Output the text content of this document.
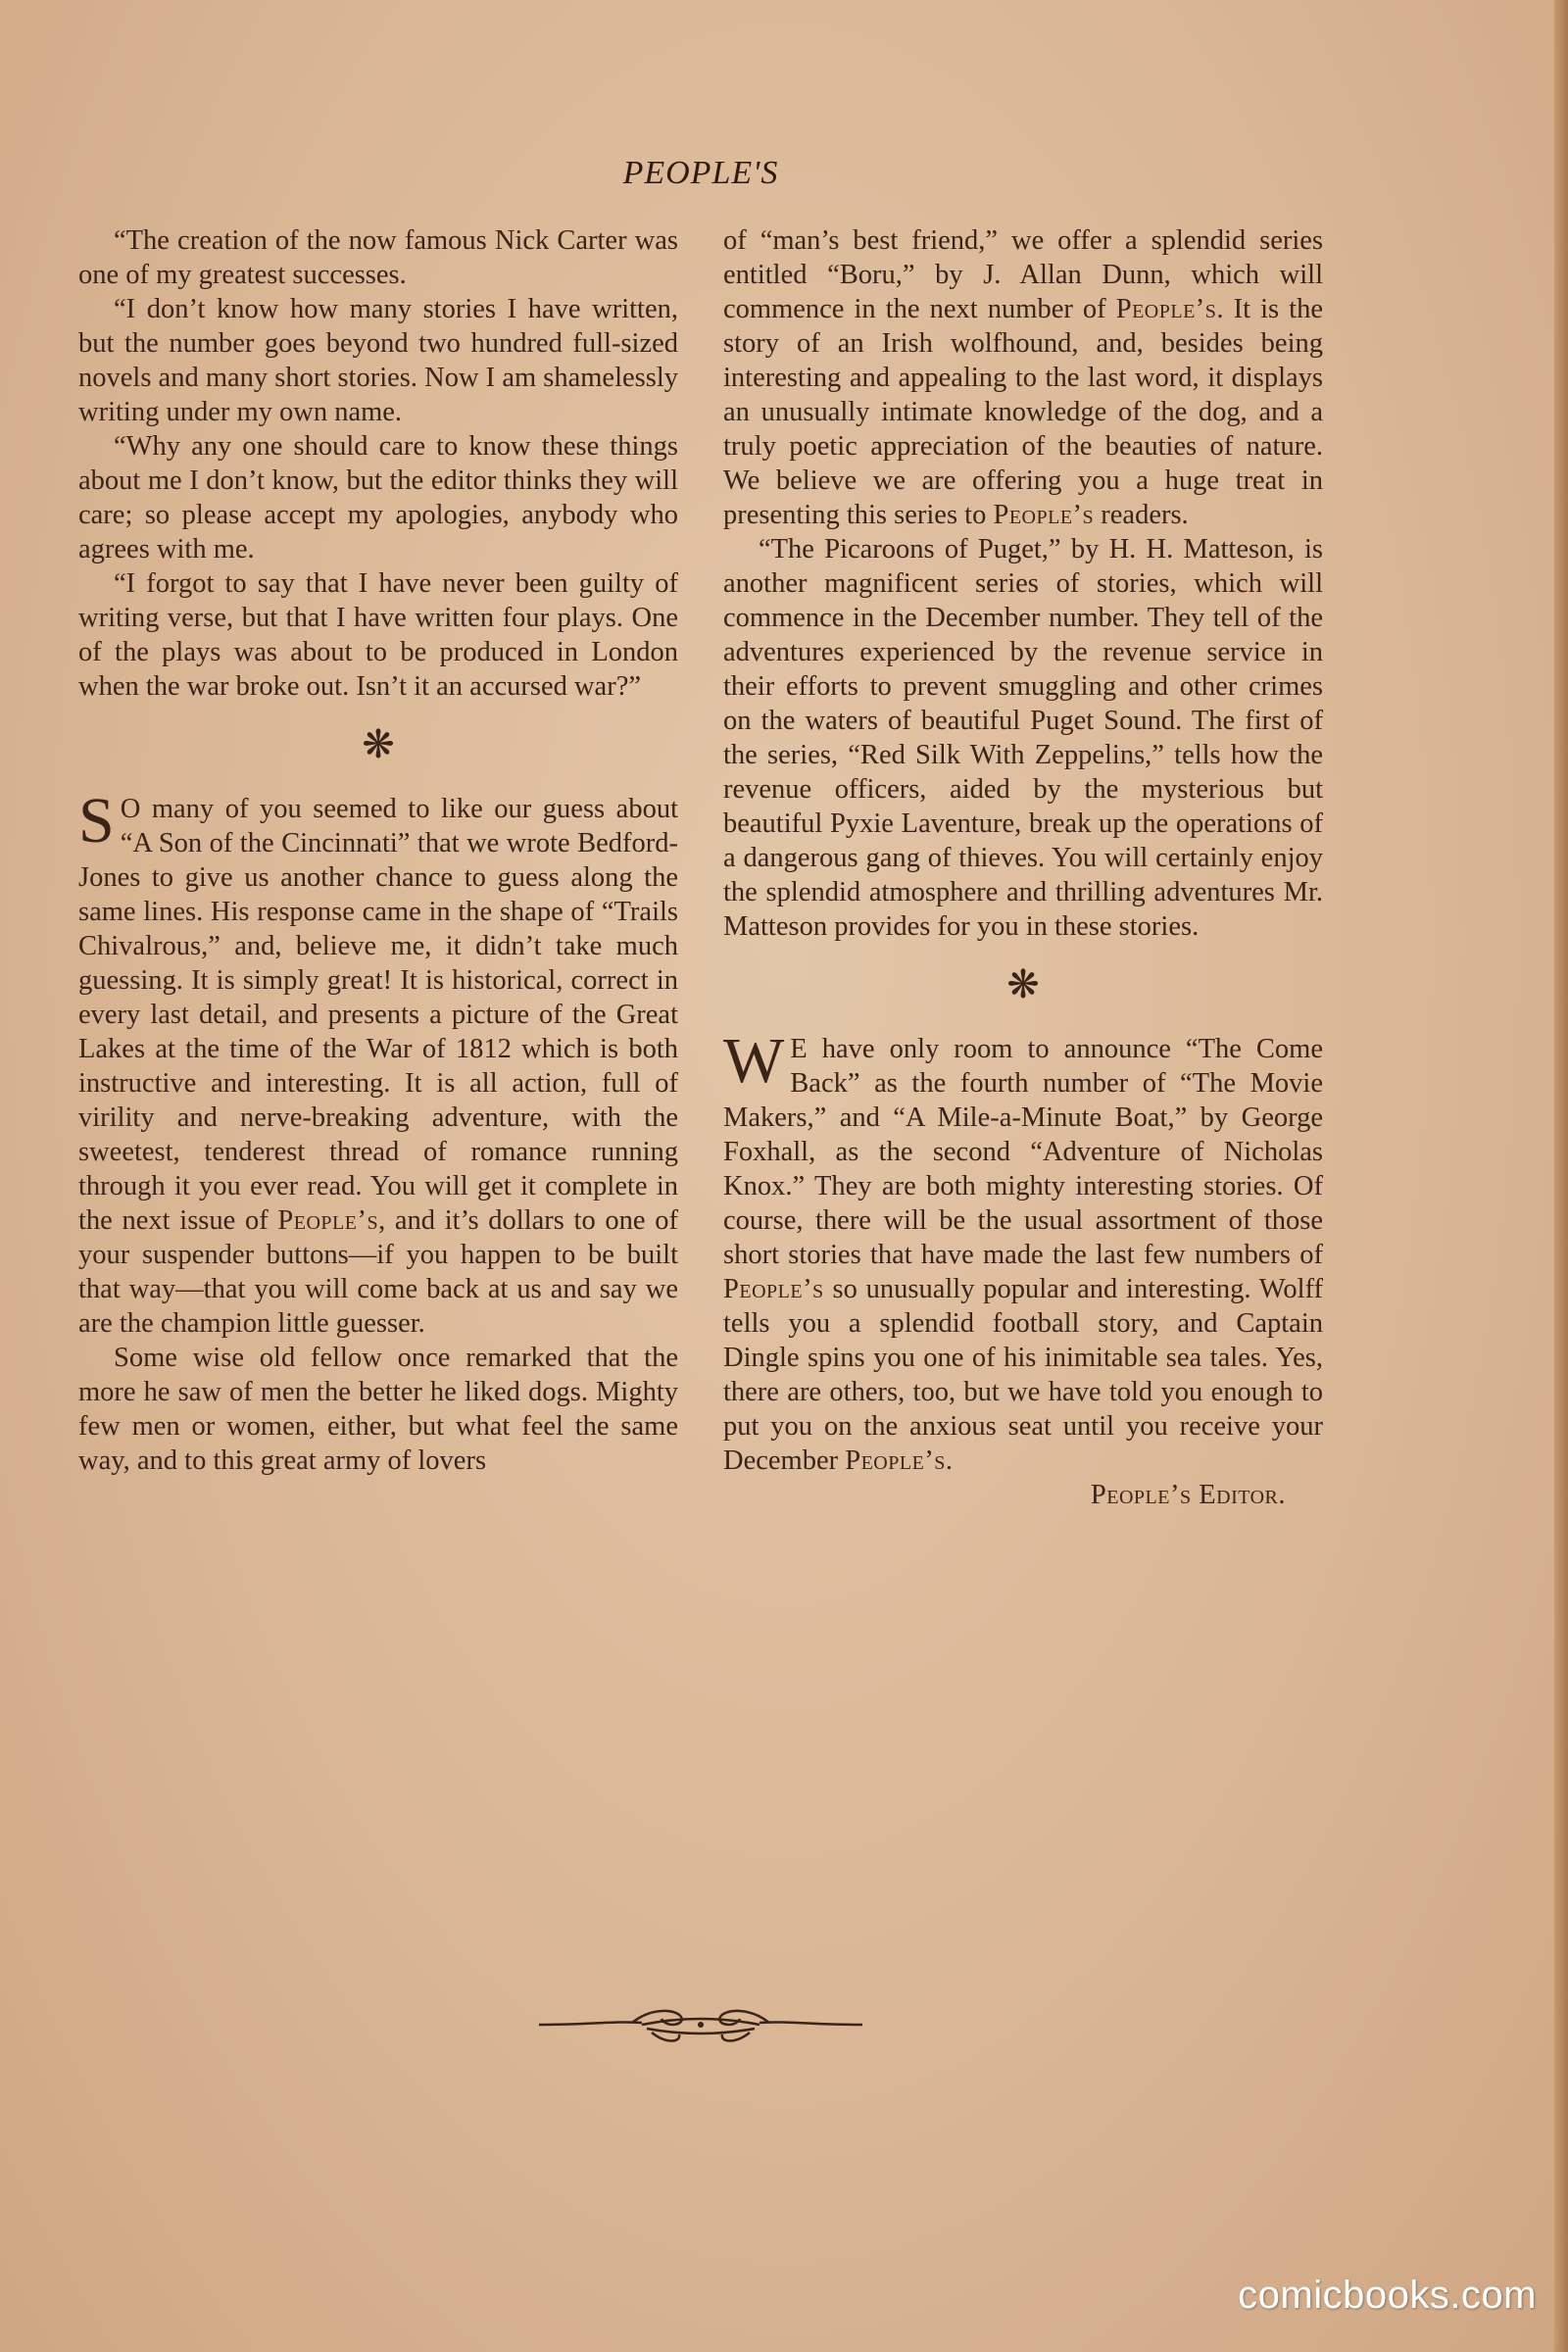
PEOPLE'S

“The creation of the now famous Nick Carter was one of my greatest successes.

“I don’t know how many stories I have written, but the number goes beyond two hundred full-sized novels and many short stories. Now I am shamelessly writing under my own name.

“Why any one should care to know these things about me I don’t know, but the editor thinks they will care; so please accept my apologies, anybody who agrees with me.

“I forgot to say that I have never been guilty of writing verse, but that I have written four plays. One of the plays was about to be produced in London when the war broke out. Isn’t it an accursed war?”

❋

S O many of you seemed to like our guess about “A Son of the Cincinnati” that we wrote Bedford-Jones to give us another chance to guess along the same lines. His response came in the shape of “Trails Chivalrous,” and, believe me, it didn’t take much guessing. It is simply great! It is historical, correct in every last detail, and presents a picture of the Great Lakes at the time of the War of 1812 which is both instructive and interesting. It is all action, full of virility and nerve-breaking adventure, with the sweetest, tenderest thread of romance running through it you ever read. You will get it complete in the next issue of People’s, and it’s dollars to one of your suspender buttons—if you happen to be built that way—that you will come back at us and say we are the champion little guesser.

Some wise old fellow once remarked that the more he saw of men the better he liked dogs. Mighty few men or women, either, but what feel the same way, and to this great army of lovers

of “man’s best friend,” we offer a splendid series entitled “Boru,” by J. Allan Dunn, which will commence in the next number of People’s. It is the story of an Irish wolfhound, and, besides being interesting and appealing to the last word, it displays an unusually intimate knowledge of the dog, and a truly poetic appreciation of the beauties of nature. We believe we are offering you a huge treat in presenting this series to People’s readers.

“The Picaroons of Puget,” by H. H. Matteson, is another magnificent series of stories, which will commence in the December number. They tell of the adventures experienced by the revenue service in their efforts to prevent smuggling and other crimes on the waters of beautiful Puget Sound. The first of the series, “Red Silk With Zeppelins,” tells how the revenue officers, aided by the mysterious but beautiful Pyxie Laventure, break up the operations of a dangerous gang of thieves. You will certainly enjoy the splendid atmosphere and thrilling adventures Mr. Matteson provides for you in these stories.

❋

W E have only room to announce “The Come Back” as the fourth number of “The Movie Makers,” and “A Mile-a-Minute Boat,” by George Foxhall, as the second “Adventure of Nicholas Knox.” They are both mighty interesting stories. Of course, there will be the usual assortment of those short stories that have made the last few numbers of People’s so unusually popular and interesting. Wolff tells you a splendid football story, and Captain Dingle spins you one of his inimitable sea tales. Yes, there are others, too, but we have told you enough to put you on the anxious seat until you receive your December People’s.

People’s Editor.

comicbooks.com
